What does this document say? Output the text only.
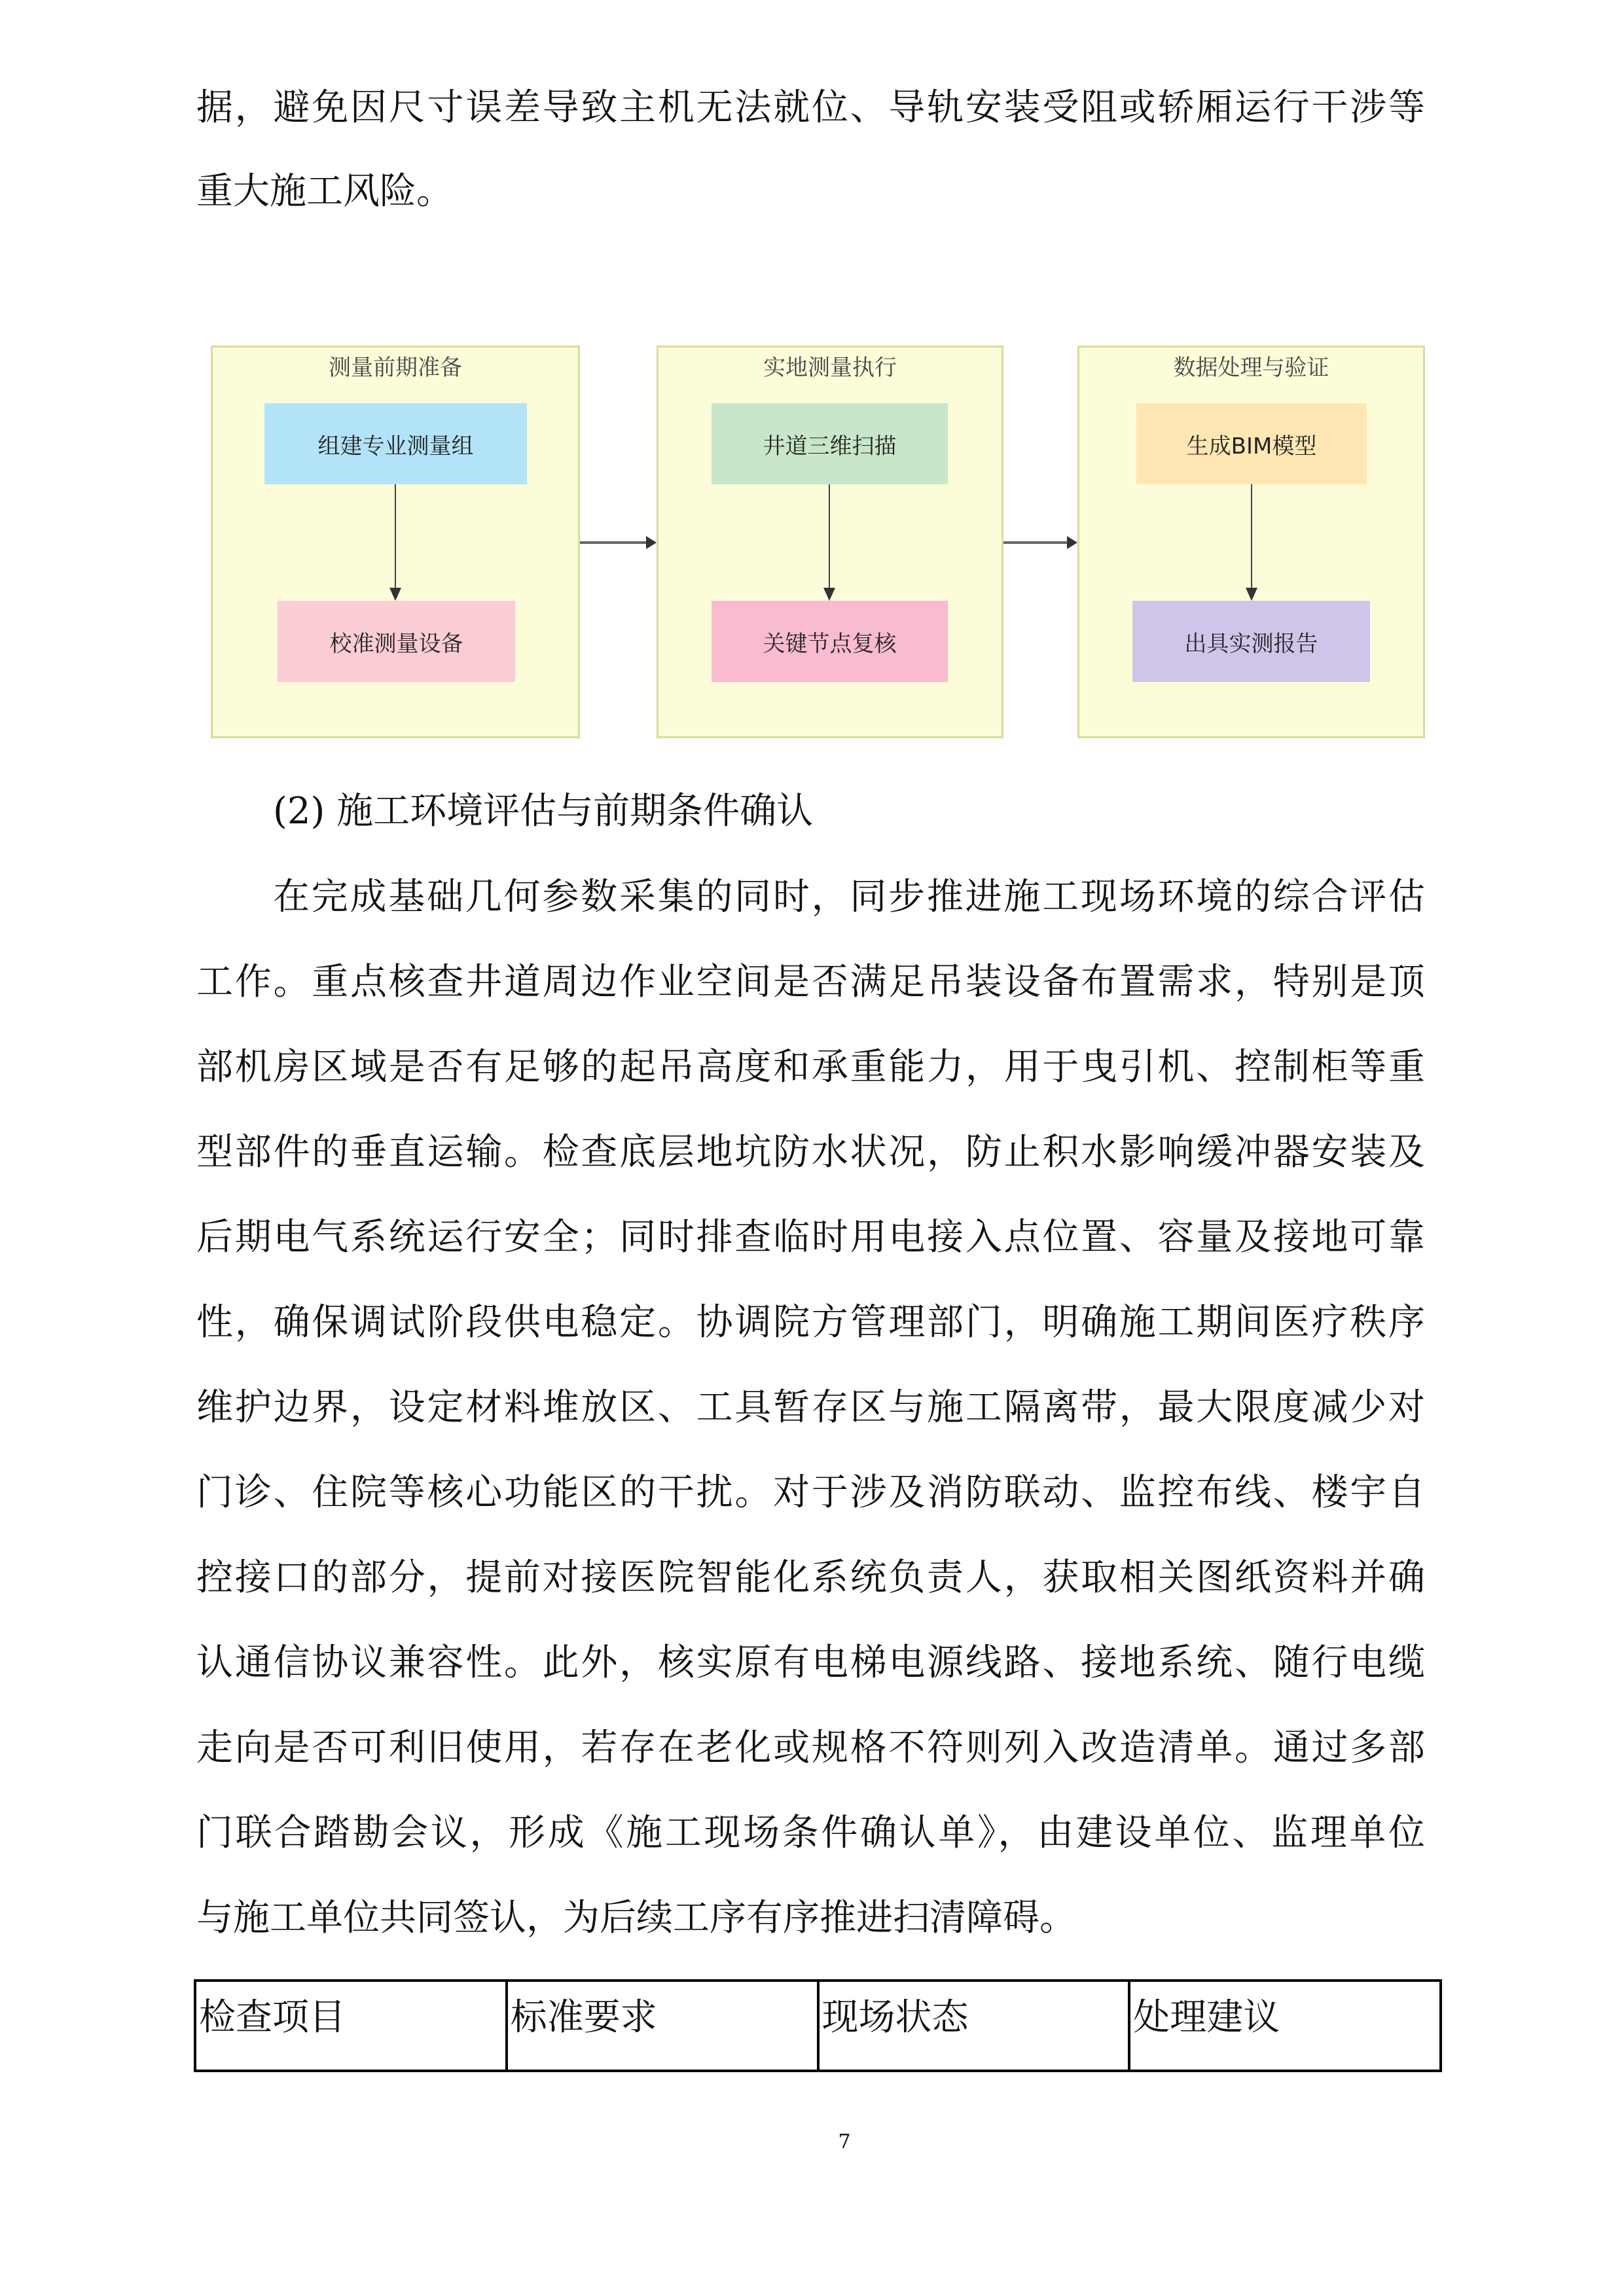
据，避免因尺寸误差导致主机无法就位、导轨安装受阻或轿厢运行干涉等
重大施工风险。
测量前期准备
组建专业测量组
校准测量设备
实地测量执行
井道三维扫描
关键节点复核
数据处理与验证
生成BIM模型
出具实测报告
(2) 施工环境评估与前期条件确认
在完成基础几何参数采集的同时，同步推进施工现场环境的综合评估
工作。重点核查井道周边作业空间是否满足吊装设备布置需求，特别是顶
部机房区域是否有足够的起吊高度和承重能力，用于曳引机、控制柜等重
型部件的垂直运输。检查底层地坑防水状况，防止积水影响缓冲器安装及
后期电气系统运行安全；同时排查临时用电接入点位置、容量及接地可靠
性，确保调试阶段供电稳定。协调院方管理部门，明确施工期间医疗秩序
维护边界，设定材料堆放区、工具暂存区与施工隔离带，最大限度减少对
门诊、住院等核心功能区的干扰。对于涉及消防联动、监控布线、楼宇自
控接口的部分，提前对接医院智能化系统负责人，获取相关图纸资料并确
认通信协议兼容性。此外，核实原有电梯电源线路、接地系统、随行电缆
走向是否可利旧使用，若存在老化或规格不符则列入改造清单。通过多部
门联合踏勘会议，形成《施工现场条件确认单》，由建设单位、监理单位
与施工单位共同签认，为后续工序有序推进扫清障碍。
检查项目	标准要求	现场状态	处理建议
7
